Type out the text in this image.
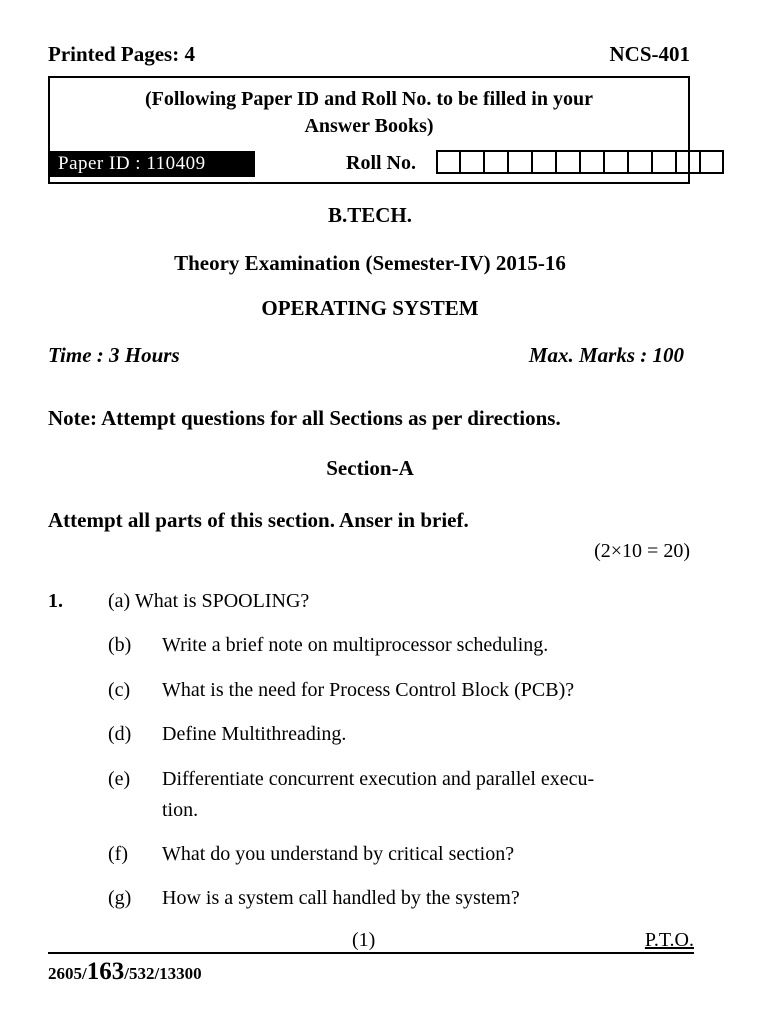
Printed Pages: 4	NCS-401
(Following Paper ID and Roll No. to be filled in your
Answer Books)
Paper ID : 110409	Roll No.
B.TECH.
Theory Examination (Semester-IV) 2015-16
OPERATING SYSTEM
Time : 3 Hours	Max. Marks : 100
Note: Attempt questions for all Sections as per directions.
Section-A
Attempt all parts of this section. Anser in brief.
(2×10 = 20)
1. (a) What is SPOOLING?
(b) Write a brief note on multiprocessor scheduling.
(c) What is the need for Process Control Block (PCB)?
(d) Define Multithreading.
(e) Differentiate concurrent execution and parallel execu-
tion.
(f) What do you understand by critical section?
(g) How is a system call handled by the system?
(1)	P.T.O.
2605/163/532/13300
